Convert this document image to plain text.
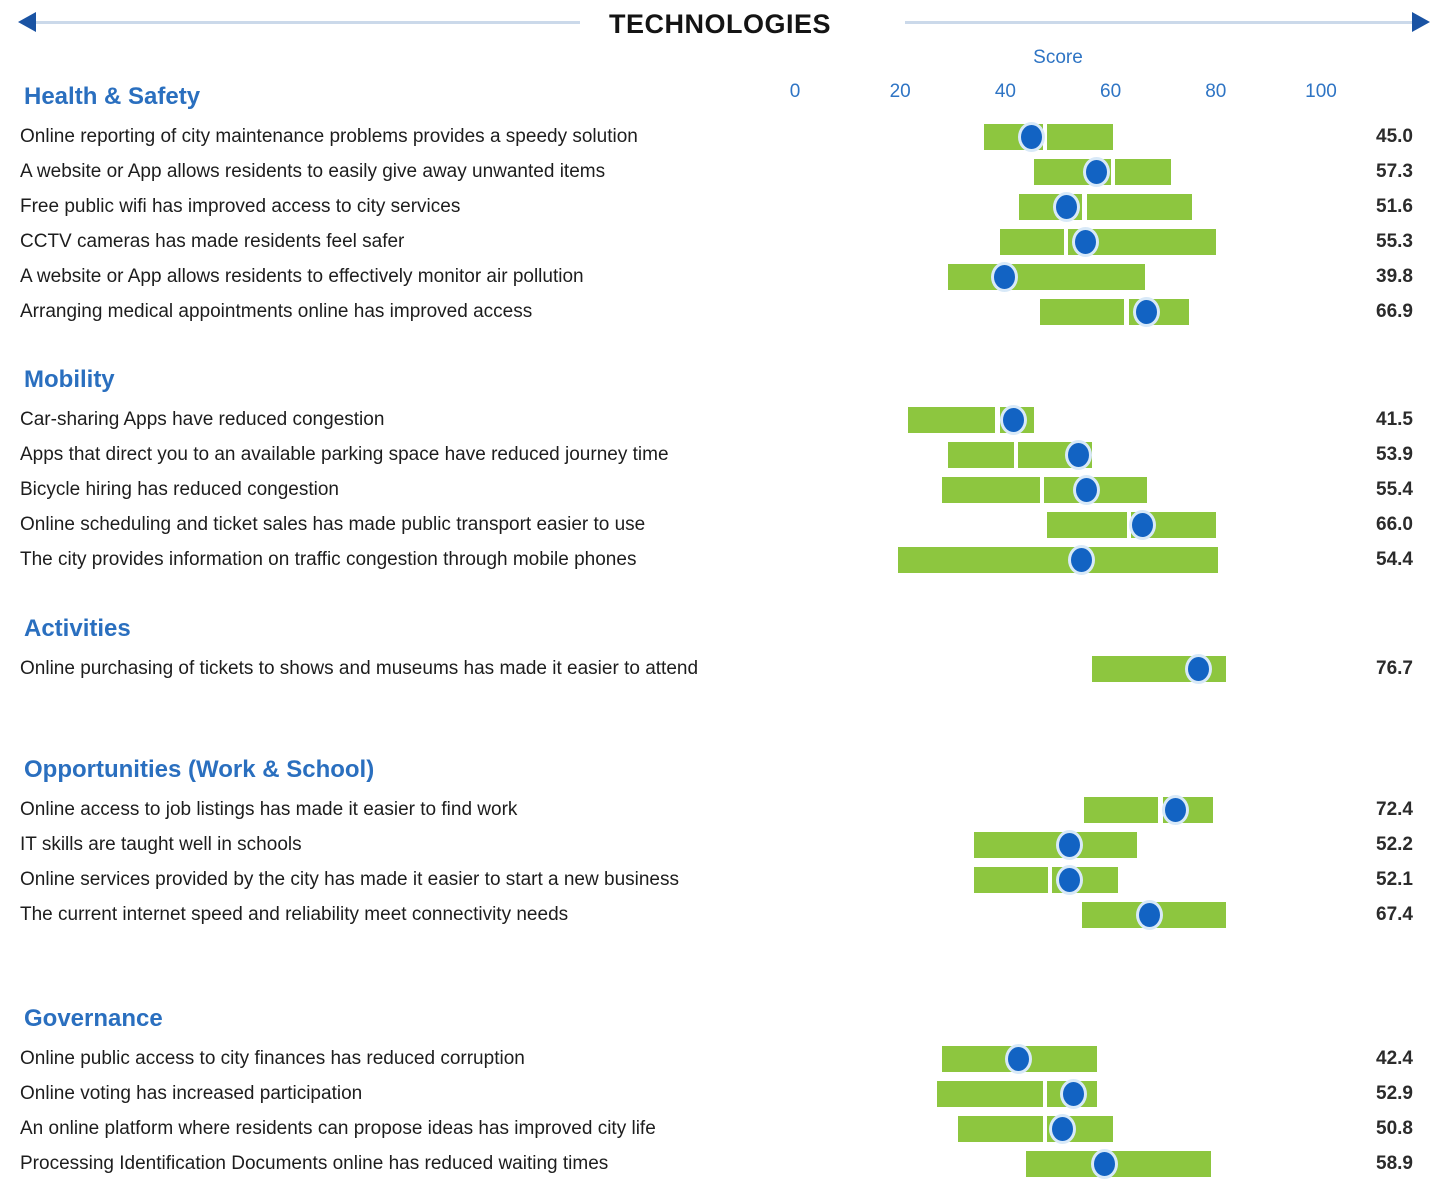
TECHNOLOGIES
Score
0	20	40	60	80	100
Health & Safety
Online reporting of city maintenance problems provides a speedy solution	45.0
A website or App allows residents to easily give away unwanted items	57.3
Free public wifi has improved access to city services	51.6
CCTV cameras has made residents feel safer	55.3
A website or App allows residents to effectively monitor air pollution	39.8
Arranging medical appointments online has improved access	66.9
Mobility
Car-sharing Apps have reduced congestion	41.5
Apps that direct you to an available parking space have reduced journey time	53.9
Bicycle hiring has reduced congestion	55.4
Online scheduling and ticket sales has made public transport easier to use	66.0
The city provides information on traffic congestion through mobile phones	54.4
Activities
Online purchasing of tickets to shows and museums has made it easier to attend	76.7
Opportunities (Work & School)
Online access to job listings has made it easier to find work	72.4
IT skills are taught well in schools	52.2
Online services provided by the city has made it easier to start a new business	52.1
The current internet speed and reliability meet connectivity needs	67.4
Governance
Online public access to city finances has reduced corruption	42.4
Online voting has increased participation	52.9
An online platform where residents can propose ideas has improved city life	50.8
Processing Identification Documents online has reduced waiting times	58.9
